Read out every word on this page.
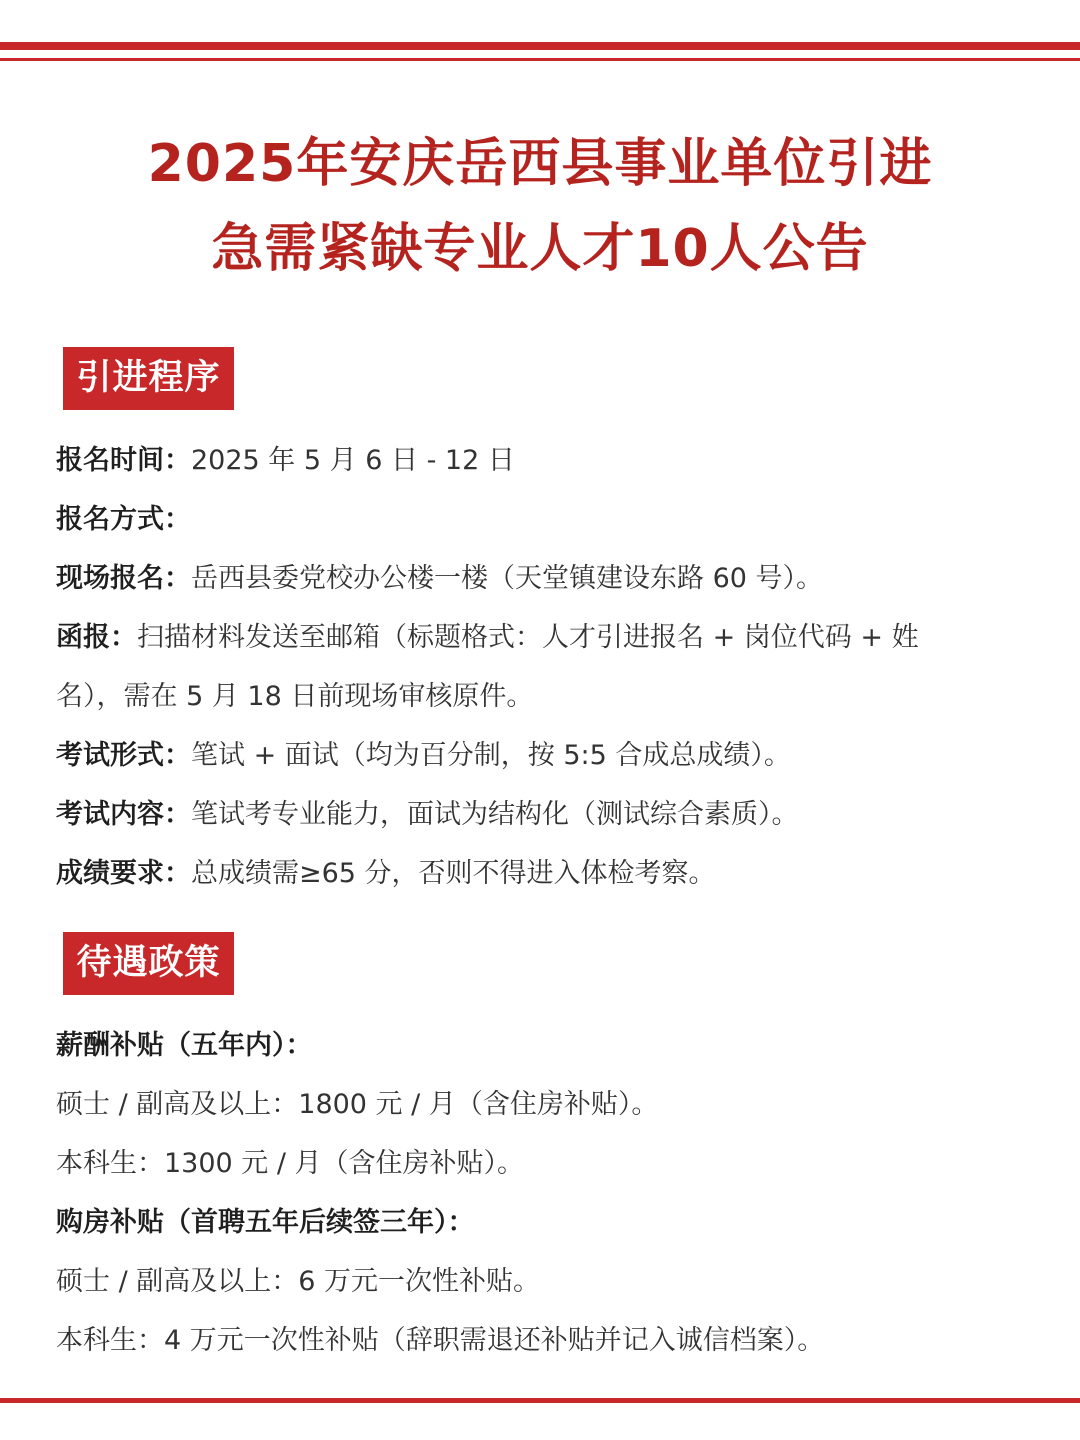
2025年安庆岳西县事业单位引进
急需紧缺专业人才10人公告
引进程序
报名时间：2025 年 5 月 6 日 - 12 日
报名方式：
现场报名：岳西县委党校办公楼一楼（天堂镇建设东路 60 号）。
函报：扫描材料发送至邮箱（标题格式：人才引进报名 + 岗位代码 + 姓
名），需在 5 月 18 日前现场审核原件。
考试形式：笔试 + 面试（均为百分制，按 5:5 合成总成绩）。
考试内容：笔试考专业能力，面试为结构化（测试综合素质）。
成绩要求：总成绩需≥65 分，否则不得进入体检考察。
待遇政策
薪酬补贴（五年内）：
硕士 / 副高及以上：1800 元 / 月（含住房补贴）。
本科生：1300 元 / 月（含住房补贴）。
购房补贴（首聘五年后续签三年）：
硕士 / 副高及以上：6 万元一次性补贴。
本科生：4 万元一次性补贴（辞职需退还补贴并记入诚信档案）。
